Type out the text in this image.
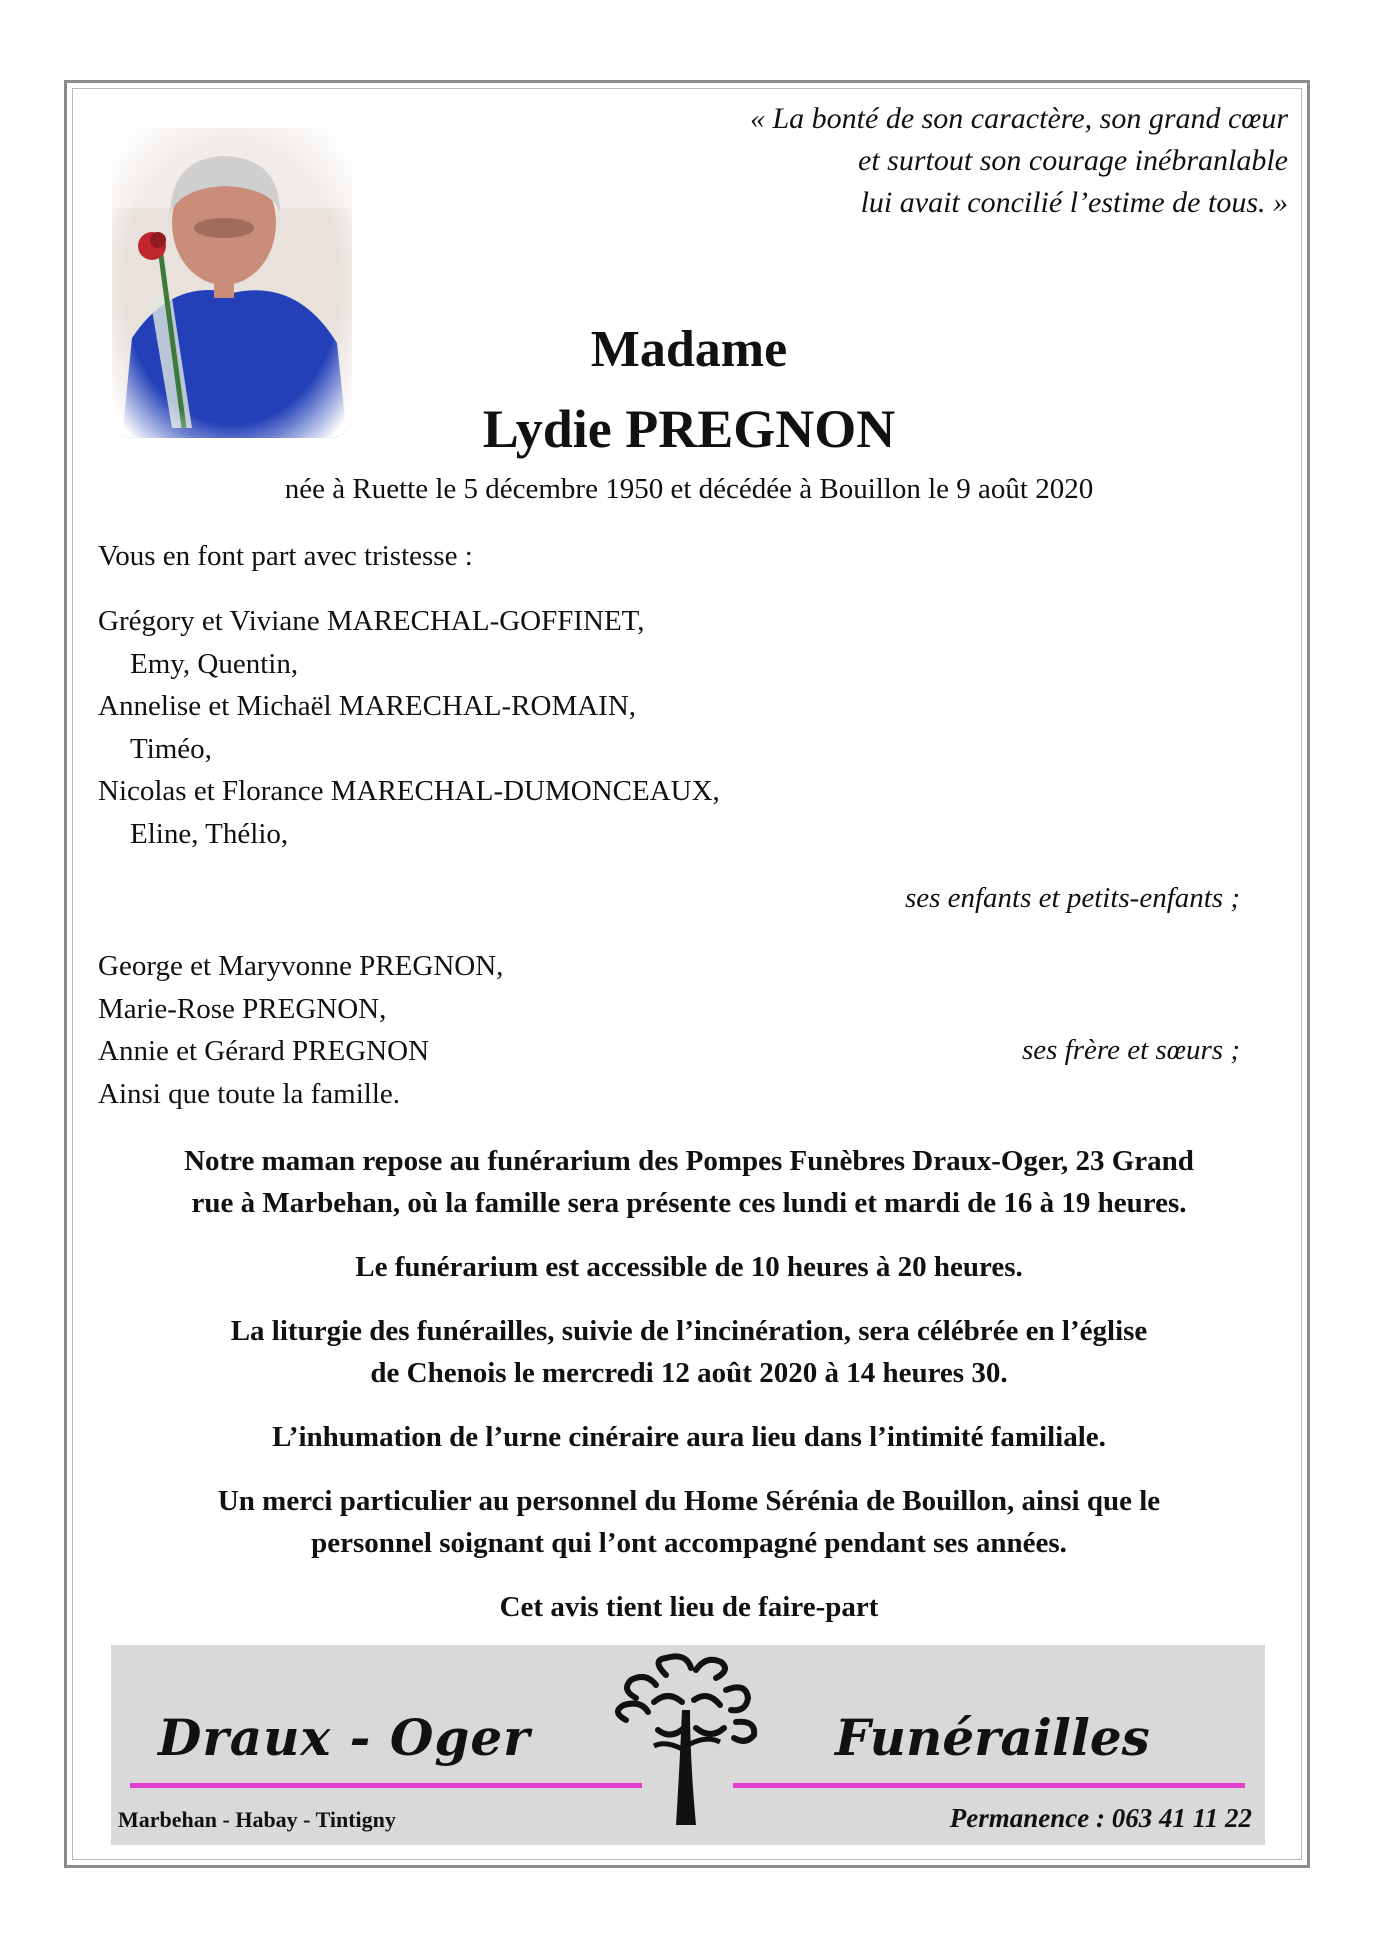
« La bonté de son caractère, son grand cœur
et surtout son courage inébranlable
lui avait concilié l’estime de tous. »
Madame
Lydie PREGNON
née à Ruette le 5 décembre 1950 et décédée à Bouillon le 9 août 2020
Vous en font part avec tristesse :
Grégory et Viviane MARECHAL-GOFFINET,
Emy, Quentin,
Annelise et Michaël MARECHAL-ROMAIN,
Timéo,
Nicolas et Florance MARECHAL-DUMONCEAUX,
Eline, Thélio,
ses enfants et petits-enfants ;
George et Maryvonne PREGNON,
Marie-Rose PREGNON,
Annie et Gérard PREGNON
Ainsi que toute la famille.
ses frère et sœurs ;
Notre maman repose au funérarium des Pompes Funèbres Draux-Oger, 23 Grand
rue à Marbehan, où la famille sera présente ces lundi et mardi de 16 à 19 heures.
Le funérarium est accessible de 10 heures à 20 heures.
La liturgie des funérailles, suivie de l’incinération, sera célébrée en l’église
de Chenois le mercredi 12 août 2020 à 14 heures 30.
L’inhumation de l’urne cinéraire aura lieu dans l’intimité familiale.
Un merci particulier au personnel du Home Sérénia de Bouillon, ainsi que le
personnel soignant qui l’ont accompagné pendant ses années.
Cet avis tient lieu de faire-part
Draux - Oger	Funérailles
Marbehan - Habay - Tintigny	Permanence : 063 41 11 22
